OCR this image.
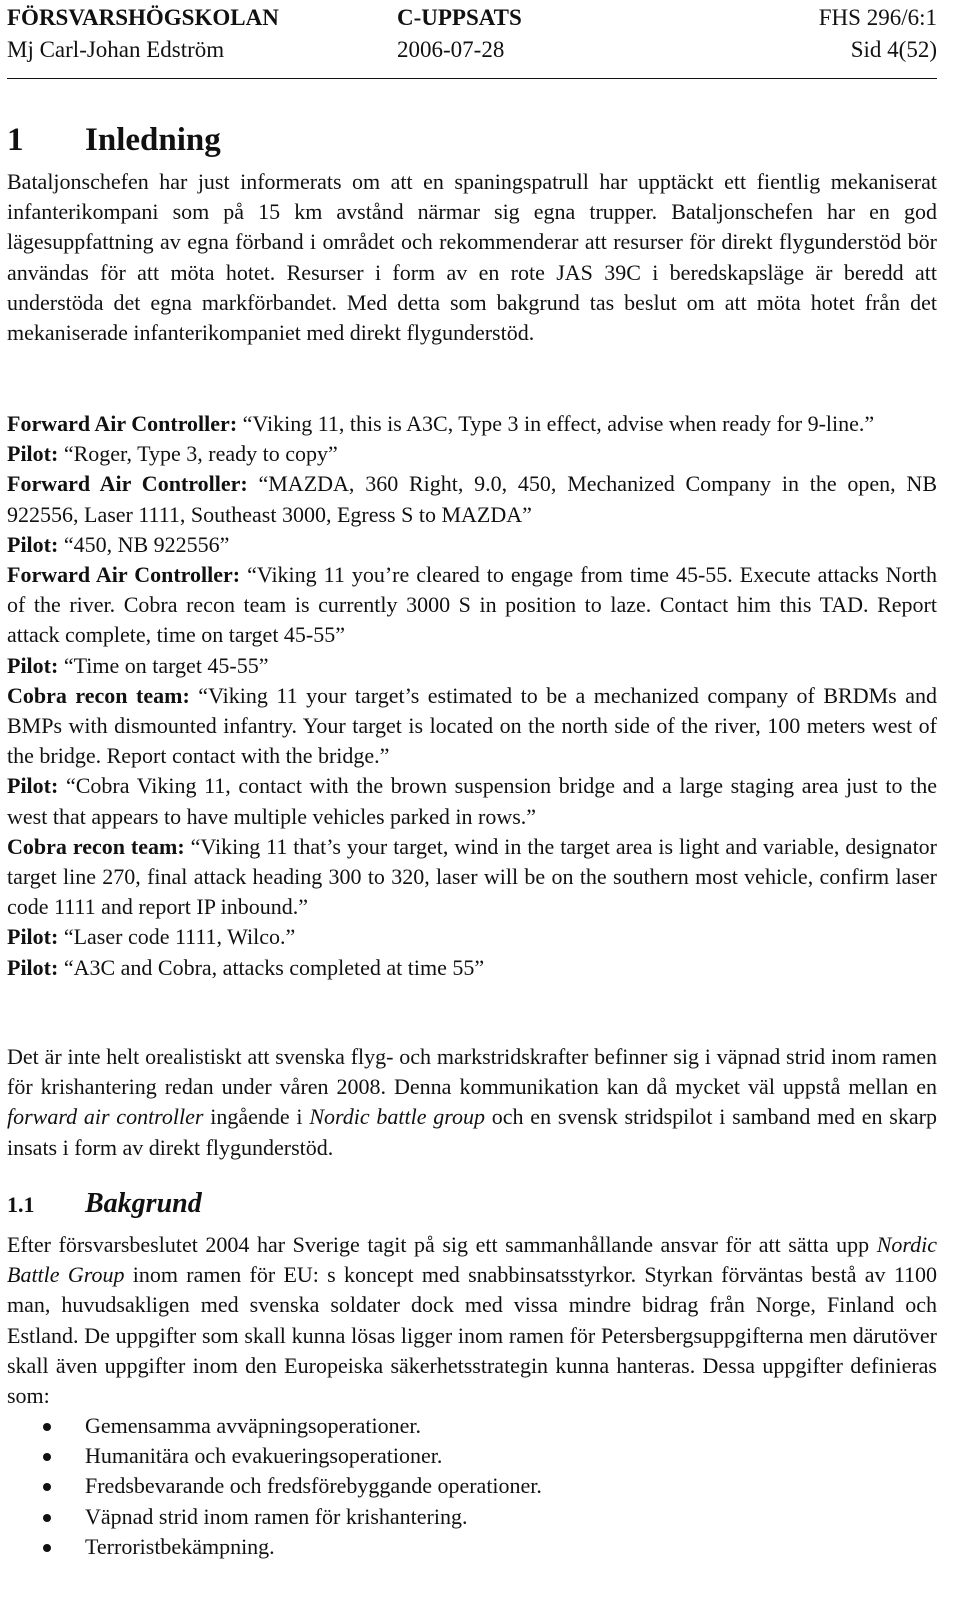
FÖRSVARSHÖGSKOLAN	C-UPPSATS	FHS 296/6:1
Mj Carl-Johan Edström	2006-07-28	Sid 4(52)
1 Inledning

Bataljonschefen har just informerats om att en spaningspatrull har upptäckt ett fientlig mekaniserat infanterikompani som på 15 km avstånd närmar sig egna trupper. Bataljonschefen har en god lägesuppfattning av egna förband i området och rekommenderar att resurser för direkt flygunderstöd bör användas för att möta hotet. Resurser i form av en rote JAS 39C i beredskapsläge är beredd att understöda det egna markförbandet. Med detta som bakgrund tas beslut om att möta hotet från det mekaniserade infanterikompaniet med direkt flygunderstöd.

Forward Air Controller: “Viking 11, this is A3C, Type 3 in effect, advise when ready for 9-line.”

Pilot: “Roger, Type 3, ready to copy”

Forward Air Controller: “MAZDA, 360 Right, 9.0, 450, Mechanized Company in the open, NB 922556, Laser 1111, Southeast 3000, Egress S to MAZDA”

Pilot: “450, NB 922556”

Forward Air Controller: “Viking 11 you’re cleared to engage from time 45-55. Execute attacks North of the river. Cobra recon team is currently 3000 S in position to laze. Contact him this TAD. Report attack complete, time on target 45-55”

Pilot: “Time on target 45-55”

Cobra recon team: “Viking 11 your target’s estimated to be a mechanized company of BRDMs and BMPs with dismounted infantry. Your target is located on the north side of the river, 100 meters west of the bridge. Report contact with the bridge.”

Pilot: “Cobra Viking 11, contact with the brown suspension bridge and a large staging area just to the west that appears to have multiple vehicles parked in rows.”

Cobra recon team: “Viking 11 that’s your target, wind in the target area is light and variable, designator target line 270, final attack heading 300 to 320, laser will be on the southern most vehicle, confirm laser code 1111 and report IP inbound.”

Pilot: “Laser code 1111, Wilco.”

Pilot: “A3C and Cobra, attacks completed at time 55”

Det är inte helt orealistiskt att svenska flyg- och markstridskrafter befinner sig i väpnad strid inom ramen för krishantering redan under våren 2008. Denna kommunikation kan då mycket väl uppstå mellan en forward air controller ingående i Nordic battle group och en svensk stridspilot i samband med en skarp insats i form av direkt flygunderstöd.

1.1 Bakgrund

Efter försvarsbeslutet 2004 har Sverige tagit på sig ett sammanhållande ansvar för att sätta upp Nordic Battle Group inom ramen för EU: s koncept med snabbinsatsstyrkor. Styrkan förväntas bestå av 1100 man, huvudsakligen med svenska soldater dock med vissa mindre bidrag från Norge, Finland och Estland. De uppgifter som skall kunna lösas ligger inom ramen för Petersbergsuppgifterna men därutöver skall även uppgifter inom den Europeiska säkerhetsstrategin kunna hanteras. Dessa uppgifter definieras som:

Gemensamma avväpningsoperationer.
Humanitära och evakueringsoperationer.
Fredsbevarande och fredsförebyggande operationer.
Väpnad strid inom ramen för krishantering.
Terroristbekämpning.
